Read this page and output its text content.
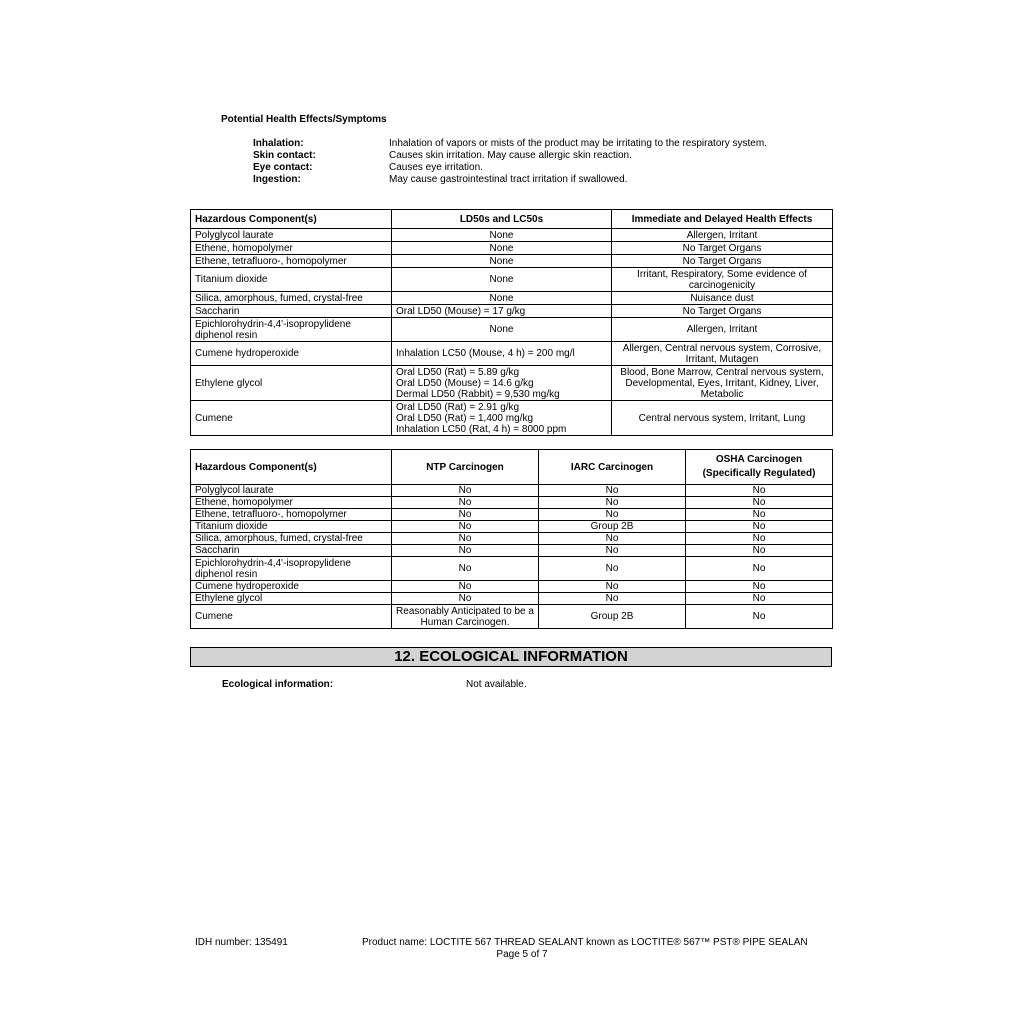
Potential Health Effects/Symptoms
Inhalation:	Inhalation of vapors or mists of the product may be irritating to the respiratory system.
Skin contact:	Causes skin irritation. May cause allergic skin reaction.
Eye contact:	Causes eye irritation.
Ingestion:	May cause gastrointestinal tract irritation if swallowed.
Hazardous Component(s)	LD50s and LC50s	Immediate and Delayed Health Effects
Polyglycol laurate	None	Allergen, Irritant
Ethene, homopolymer	None	No Target Organs
Ethene, tetrafluoro-, homopolymer	None	No Target Organs
Titanium dioxide	None	Irritant, Respiratory, Some evidence of carcinogenicity
Silica, amorphous, fumed, crystal-free	None	Nuisance dust
Saccharin	Oral LD50 (Mouse) = 17 g/kg	No Target Organs
Epichlorohydrin-4,4'-isopropylidene diphenol resin	None	Allergen, Irritant
Cumene hydroperoxide	Inhalation LC50 (Mouse, 4 h) = 200 mg/l	Allergen, Central nervous system, Corrosive, Irritant, Mutagen
Ethylene glycol	Oral LD50 (Rat) = 5.89 g/kg
Oral LD50 (Mouse) = 14.6 g/kg
Dermal LD50 (Rabbit) = 9,530 mg/kg	Blood, Bone Marrow, Central nervous system, Developmental, Eyes, Irritant, Kidney, Liver, Metabolic
Cumene	Oral LD50 (Rat) = 2.91 g/kg
Oral LD50 (Rat) = 1,400 mg/kg
Inhalation LC50 (Rat, 4 h) = 8000 ppm	Central nervous system, Irritant, Lung
Hazardous Component(s)	NTP Carcinogen	IARC Carcinogen	OSHA Carcinogen
(Specifically Regulated)

Polyglycol laurate	No	No	No
Ethene, homopolymer	No	No	No
Ethene, tetrafluoro-, homopolymer	No	No	No
Titanium dioxide	No	Group 2B	No
Silica, amorphous, fumed, crystal-free	No	No	No
Saccharin	No	No	No
Epichlorohydrin-4,4'-isopropylidene diphenol resin	No	No	No
Cumene hydroperoxide	No	No	No
Ethylene glycol	No	No	No
Cumene	Reasonably Anticipated to be a Human Carcinogen.	Group 2B	No
12. ECOLOGICAL INFORMATION
Ecological information:	Not available.
IDH number: 135491	Product name: LOCTITE 567 THREAD SEALANT known as LOCTITE® 567™ PST® PIPE SEALAN
Page 5 of 7
